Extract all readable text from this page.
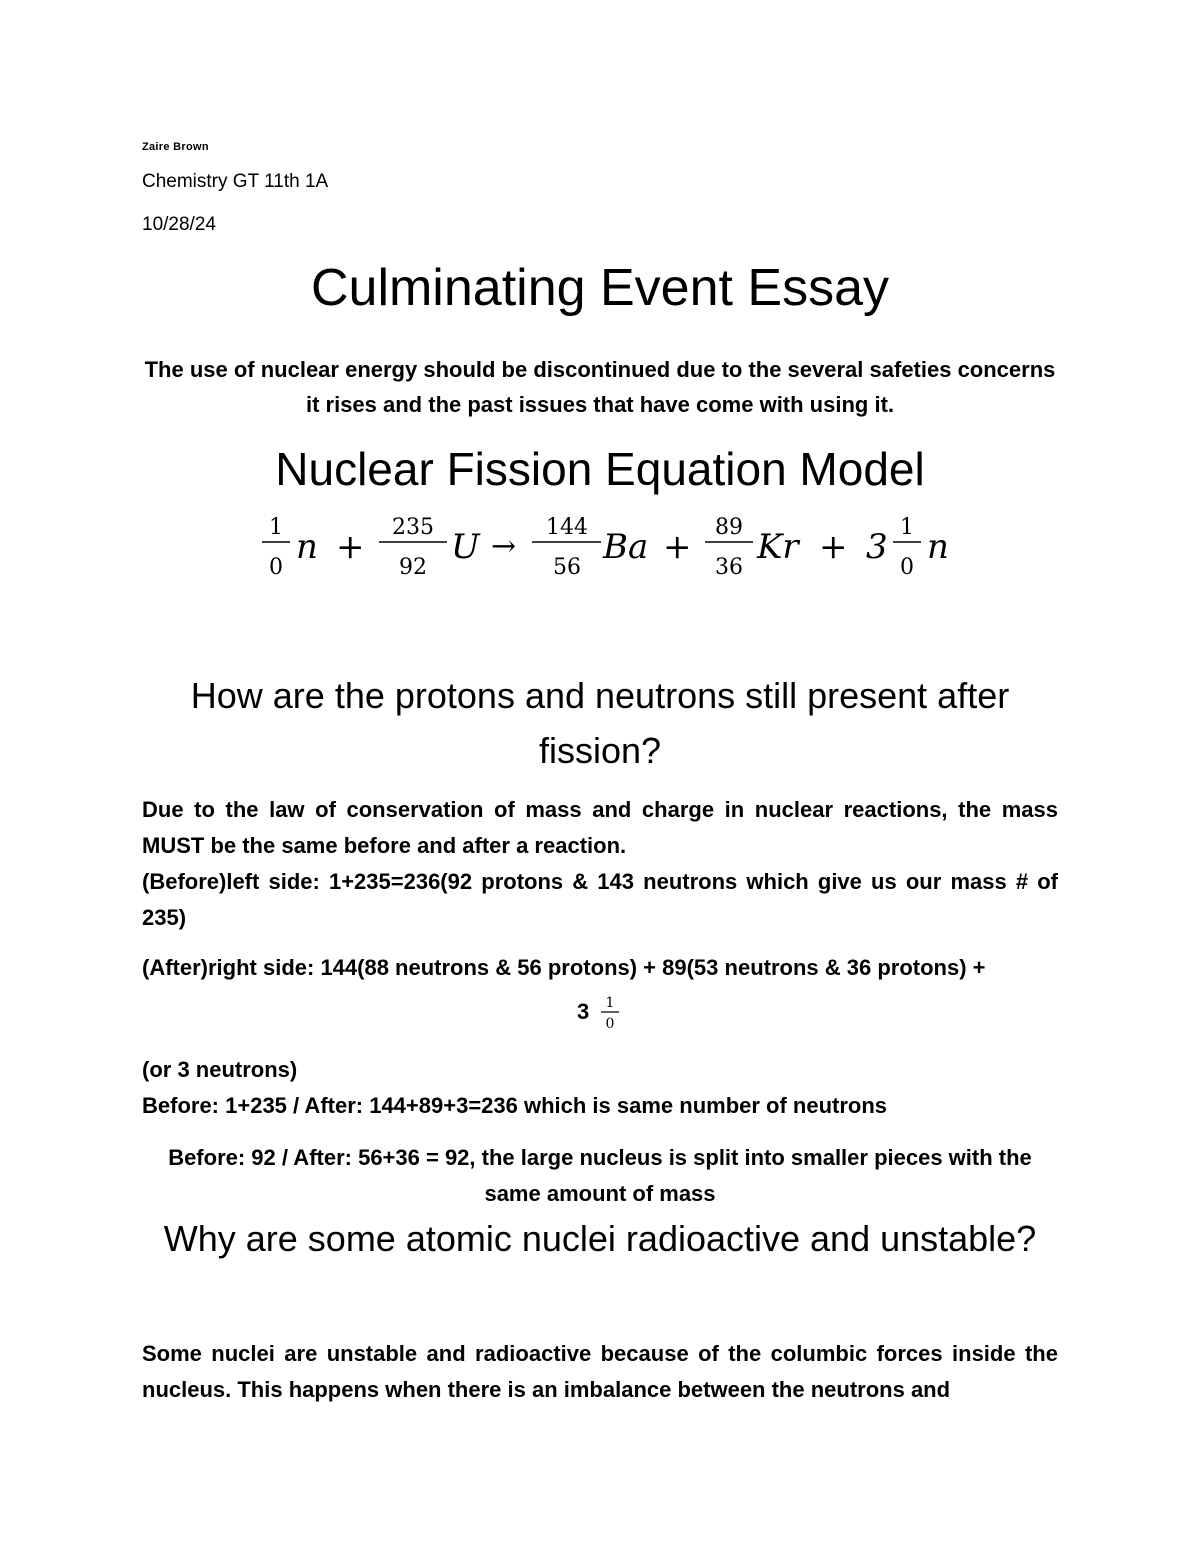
Zaire Brown

Chemistry GT 11th 1A

10/28/24

Culminating Event Essay

The use of nuclear energy should be discontinued due to the several safeties concerns it rises and the past issues that have come with using it.

Nuclear Fission Equation Model
1
0
n + 235
92
U →
144
56
Ba + 89
36
Kr + 3 1
0
n
How are the protons and neutrons still present after fission?

Due to the law of conservation of mass and charge in nuclear reactions, the mass MUST be the same before and after a reaction.

(Before)left side: 1+235=236(92 protons & 143 neutrons which give us our mass # of 235)

(After)right side: 144(88 neutrons & 56 protons) + 89(53 neutrons & 36 protons) +

3 1
0

(or 3 neutrons)

Before: 1+235 / After: 144+89+3=236 which is same number of neutrons

Before: 92 / After: 56+36 = 92, the large nucleus is split into smaller pieces with the same amount of mass

Why are some atomic nuclei radioactive and unstable?

Some nuclei are unstable and radioactive because of the columbic forces inside the nucleus. This happens when there is an imbalance between the neutrons and
